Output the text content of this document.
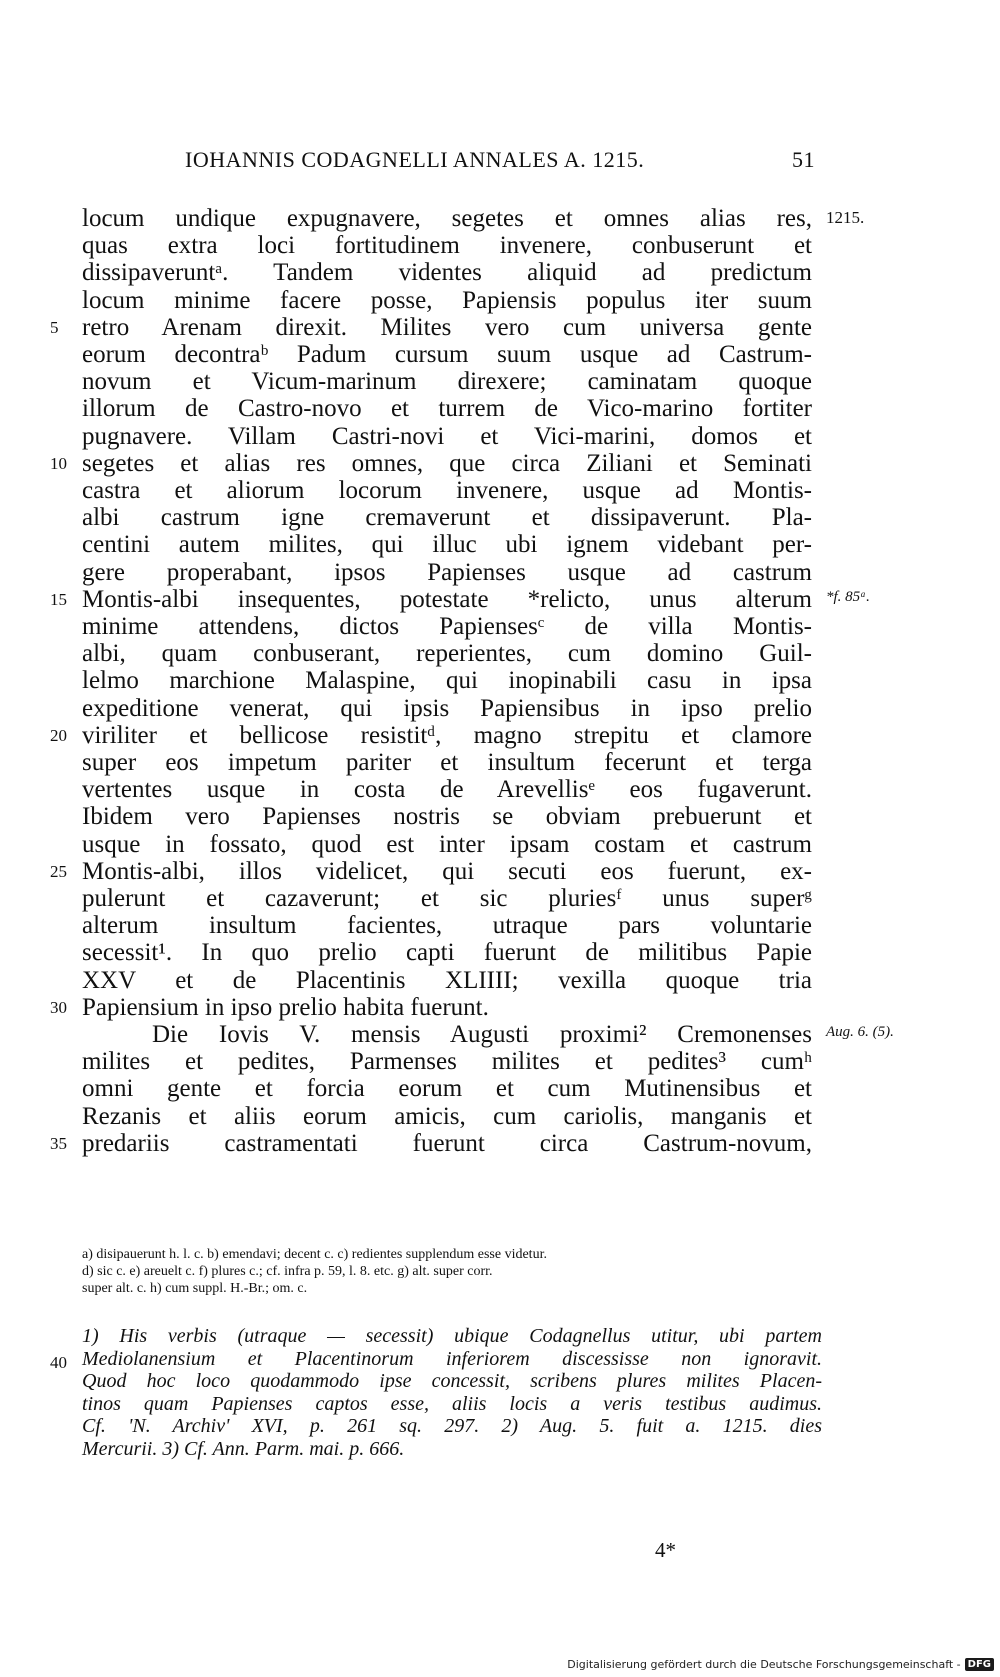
IOHANNIS CODAGNELLI ANNALES A. 1215.	51
locum undique expugnavere, segetes et omnes alias res, 1215.
quas extra loci fortitudinem invenere, conbuserunt et
dissipaveruntᵃ. Tandem videntes aliquid ad predictum
locum minime facere posse, Papiensis populus iter suum
5 retro Arenam direxit. Milites vero cum universa gente
eorum decontraᵇ Padum cursum suum usque ad Castrum-
novum et Vicum-marinum direxere; caminatam quoque
illorum de Castro-novo et turrem de Vico-marino fortiter
pugnavere. Villam Castri-novi et Vici-marini, domos et
10 segetes et alias res omnes, que circa Ziliani et Seminati
castra et aliorum locorum invenere, usque ad Montis-
albi castrum igne cremaverunt et dissipaverunt. Pla-
centini autem milites, qui illuc ubi ignem videbant per-
gere properabant, ipsos Papienses usque ad castrum
15 Montis-albi insequentes, potestate *relicto, unus alterum *f. 85ᵃ.
minime attendens, dictos Papiensesᶜ de villa Montis-
albi, quam conbuserant, reperientes, cum domino Guil-
lelmo marchione Malaspine, qui inopinabili casu in ipsa
expeditione venerat, qui ipsis Papiensibus in ipso prelio
20 viriliter et bellicose resistitᵈ, magno strepitu et clamore
super eos impetum pariter et insultum fecerunt et terga
vertentes usque in costa de Arevellisᵉ eos fugaverunt.
Ibidem vero Papienses nostris se obviam prebuerunt et
usque in fossato, quod est inter ipsam costam et castrum
25 Montis-albi, illos videlicet, qui secuti eos fuerunt, ex-
pulerunt et cazaverunt; et sic pluriesᶠ unus superᵍ
alterum insultum facientes, utraque pars voluntarie
secessit¹. In quo prelio capti fuerunt de militibus Papie
XXV et de Placentinis XLIIII; vexilla quoque tria
30 Papiensium in ipso prelio habita fuerunt.
Die Iovis V. mensis Augusti proximi² Cremonenses Aug. 6. (5).
milites et pedites, Parmenses milites et pedites³ cumʰ
omni gente et forcia eorum et cum Mutinensibus et
Rezanis et aliis eorum amicis, cum cariolis, manganis et
35 predariis castramentati fuerunt circa Castrum-novum,
a) disipauerunt h. l. c. b) emendavi; decent c. c) redientes supplendum esse videtur.
d) sic c. e) areuelt c. f) plures c.; cf. infra p. 59, l. 8. etc. g) alt. super corr.
super alt. c. h) cum suppl. H.-Br.; om. c.
1) His verbis (utraque — secessit) ubique Codagnellus utitur, ubi partem
Mediolanensium et Placentinorum inferiorem discessisse non ignoravit.
40
Quod hoc loco quodammodo ipse concessit, scribens plures milites Placen-
tinos quam Papienses captos esse, aliis locis a veris testibus audimus.
Cf. 'N. Archiv' XVI, p. 261 sq. 297. 2) Aug. 5. fuit a. 1215. dies
Mercurii. 3) Cf. Ann. Parm. mai. p. 666.
4*
Digitalisierung gefördert durch die Deutsche Forschungsgemeinschaft - DFG
